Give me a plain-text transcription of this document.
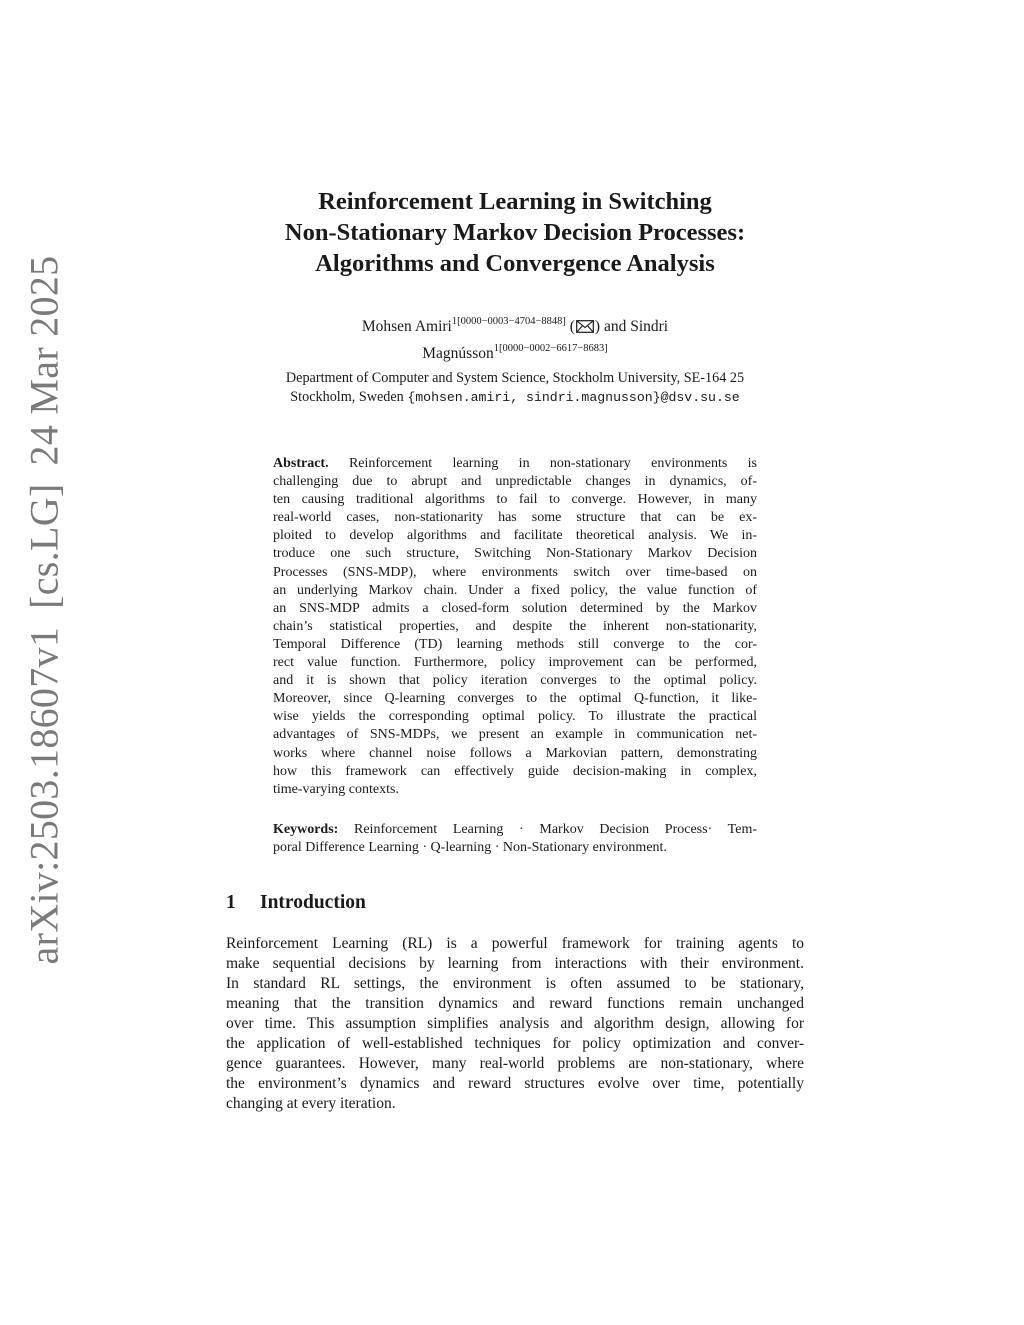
arXiv:2503.18607v1[cs.LG]24 Mar 2025
Reinforcement Learning in Switching
Non-Stationary Markov Decision Processes:
Algorithms and Convergence Analysis
Mohsen Amiri$^{1[0000-0003-4704-8848]}$ ( ) and Sindri
Magnússon$^{1[0000-0002-6617-8683]}$
Department of Computer and System Science, Stockholm University, SE-164 25
Stockholm, Sweden {mohsen.amiri, sindri.magnusson}@dsv.su.se
Abstract. Reinforcement learning in non-stationary environments is
challenging due to abrupt and unpredictable changes in dynamics, of-
ten causing traditional algorithms to fail to converge. However, in many
real-world cases, non-stationarity has some structure that can be ex-
ploited to develop algorithms and facilitate theoretical analysis. We in-
troduce one such structure, Switching Non-Stationary Markov Decision
Processes (SNS-MDP), where environments switch over time-based on
an underlying Markov chain. Under a fixed policy, the value function of
an SNS-MDP admits a closed-form solution determined by the Markov
chain’s statistical properties, and despite the inherent non-stationarity,
Temporal Difference (TD) learning methods still converge to the cor-
rect value function. Furthermore, policy improvement can be performed,
and it is shown that policy iteration converges to the optimal policy.
Moreover, since Q-learning converges to the optimal Q-function, it like-
wise yields the corresponding optimal policy. To illustrate the practical
advantages of SNS-MDPs, we present an example in communication net-
works where channel noise follows a Markovian pattern, demonstrating
how this framework can effectively guide decision-making in complex,
time-varying contexts.
Keywords: Reinforcement Learning · Markov Decision Process· Tem-
poral Difference Learning · Q-learning · Non-Stationary environment.
1 Introduction
Reinforcement Learning (RL) is a powerful framework for training agents to
make sequential decisions by learning from interactions with their environment.
In standard RL settings, the environment is often assumed to be stationary,
meaning that the transition dynamics and reward functions remain unchanged
over time. This assumption simplifies analysis and algorithm design, allowing for
the application of well-established techniques for policy optimization and conver-
gence guarantees. However, many real-world problems are non-stationary, where
the environment’s dynamics and reward structures evolve over time, potentially
changing at every iteration.
